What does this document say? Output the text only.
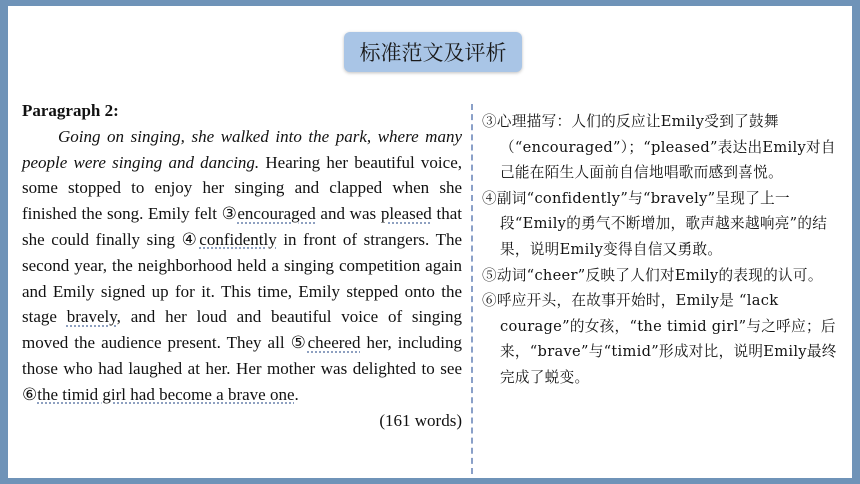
标准范文及评析
Paragraph 2:

Going on singing, she walked into the park, where many people were singing and dancing. Hearing her beautiful voice, some stopped to enjoy her singing and clapped when she finished the song. Emily felt ③encouraged and was pleased that she could finally sing ④confidently in front of strangers. The second year, the neighborhood held a singing competition again and Emily signed up for it. This time, Emily stepped onto the stage bravely, and her loud and beautiful voice of singing moved the audience present. They all ⑤cheered her, including those who had laughed at her. Her mother was delighted to see ⑥the timid girl had become a brave one.

(161 words)

③心理描写：人们的反应让Emily受到了鼓舞（“encouraged”）；“pleased”表达出Emily对自己能在陌生人面前自信地唱歌而感到喜悦。

④副词“confidently”与“bravely”呈现了上一段“Emily的勇气不断增加，歌声越来越响亮”的结果，说明Emily变得自信又勇敢。

⑤动词“cheer”反映了人们对Emily的表现的认可。

⑥呼应开头，在故事开始时，Emily是 “lack courage”的女孩，“the timid girl”与之呼应；后来，“brave”与“timid”形成对比，说明Emily最终完成了蜕变。
